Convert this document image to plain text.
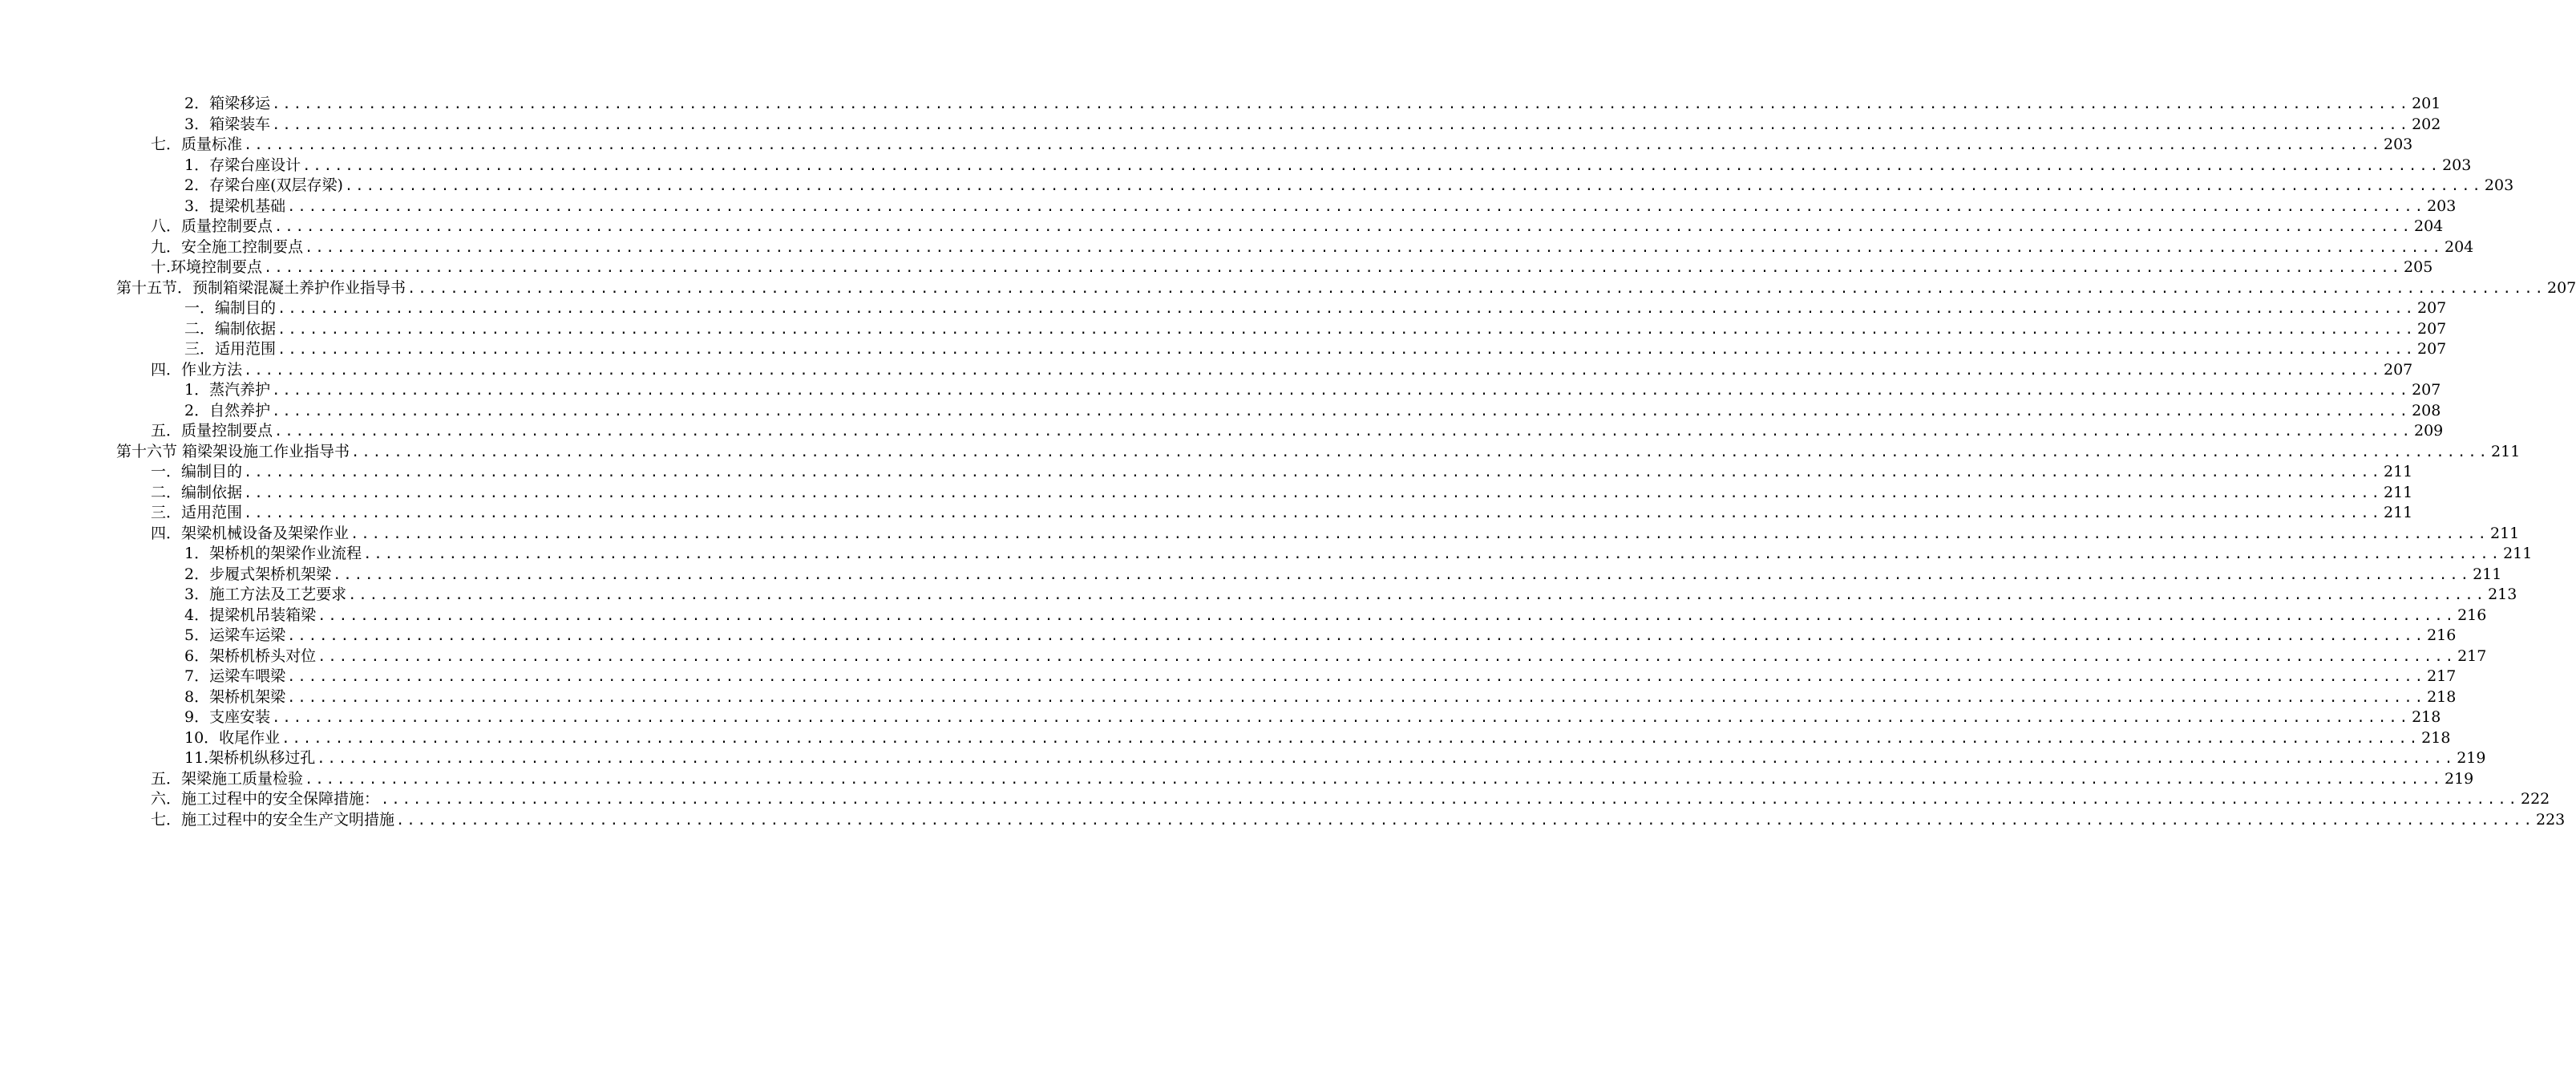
2．箱梁移运 ........................................................................................................................................................................................................ 201
3．箱梁装车 ........................................................................................................................................................................................................ 202
七．质量标准 ........................................................................................................................................................................................................ 203
1．存梁台座设计 ........................................................................................................................................................................................................ 203
2．存梁台座(双层存梁) ........................................................................................................................................................................................................ 203
3．提梁机基础 ........................................................................................................................................................................................................ 203
八．质量控制要点 ........................................................................................................................................................................................................ 204
九．安全施工控制要点 ........................................................................................................................................................................................................ 204
十.环境控制要点 ........................................................................................................................................................................................................ 205
第十五节．预制箱梁混凝土养护作业指导书 ........................................................................................................................................................................................................ 207
一．编制目的 ........................................................................................................................................................................................................ 207
二．编制依据 ........................................................................................................................................................................................................ 207
三．适用范围 ........................................................................................................................................................................................................ 207
四．作业方法 ........................................................................................................................................................................................................ 207
1．蒸汽养护 ........................................................................................................................................................................................................ 207
2．自然养护 ........................................................................................................................................................................................................ 208
五．质量控制要点 ........................................................................................................................................................................................................ 209
第十六节 箱梁架设施工作业指导书 ........................................................................................................................................................................................................ 211
一．编制目的 ........................................................................................................................................................................................................ 211
二．编制依据 ........................................................................................................................................................................................................ 211
三．适用范围 ........................................................................................................................................................................................................ 211
四．架梁机械设备及架梁作业 ........................................................................................................................................................................................................ 211
1．架桥机的架梁作业流程 ........................................................................................................................................................................................................ 211
2．步履式架桥机架梁 ........................................................................................................................................................................................................ 211
3．施工方法及工艺要求 ........................................................................................................................................................................................................ 213
4．提梁机吊装箱梁 ........................................................................................................................................................................................................ 216
5．运梁车运梁 ........................................................................................................................................................................................................ 216
6．架桥机桥头对位 ........................................................................................................................................................................................................ 217
7．运梁车喂梁 ........................................................................................................................................................................................................ 217
8．架桥机架梁 ........................................................................................................................................................................................................ 218
9．支座安装 ........................................................................................................................................................................................................ 218
10．收尾作业 ........................................................................................................................................................................................................ 218
11.架桥机纵移过孔 ........................................................................................................................................................................................................ 219
五．架梁施工质量检验 ........................................................................................................................................................................................................ 219
六．施工过程中的安全保障措施： ........................................................................................................................................................................................................ 222
七．施工过程中的安全生产文明措施 ........................................................................................................................................................................................................ 223
